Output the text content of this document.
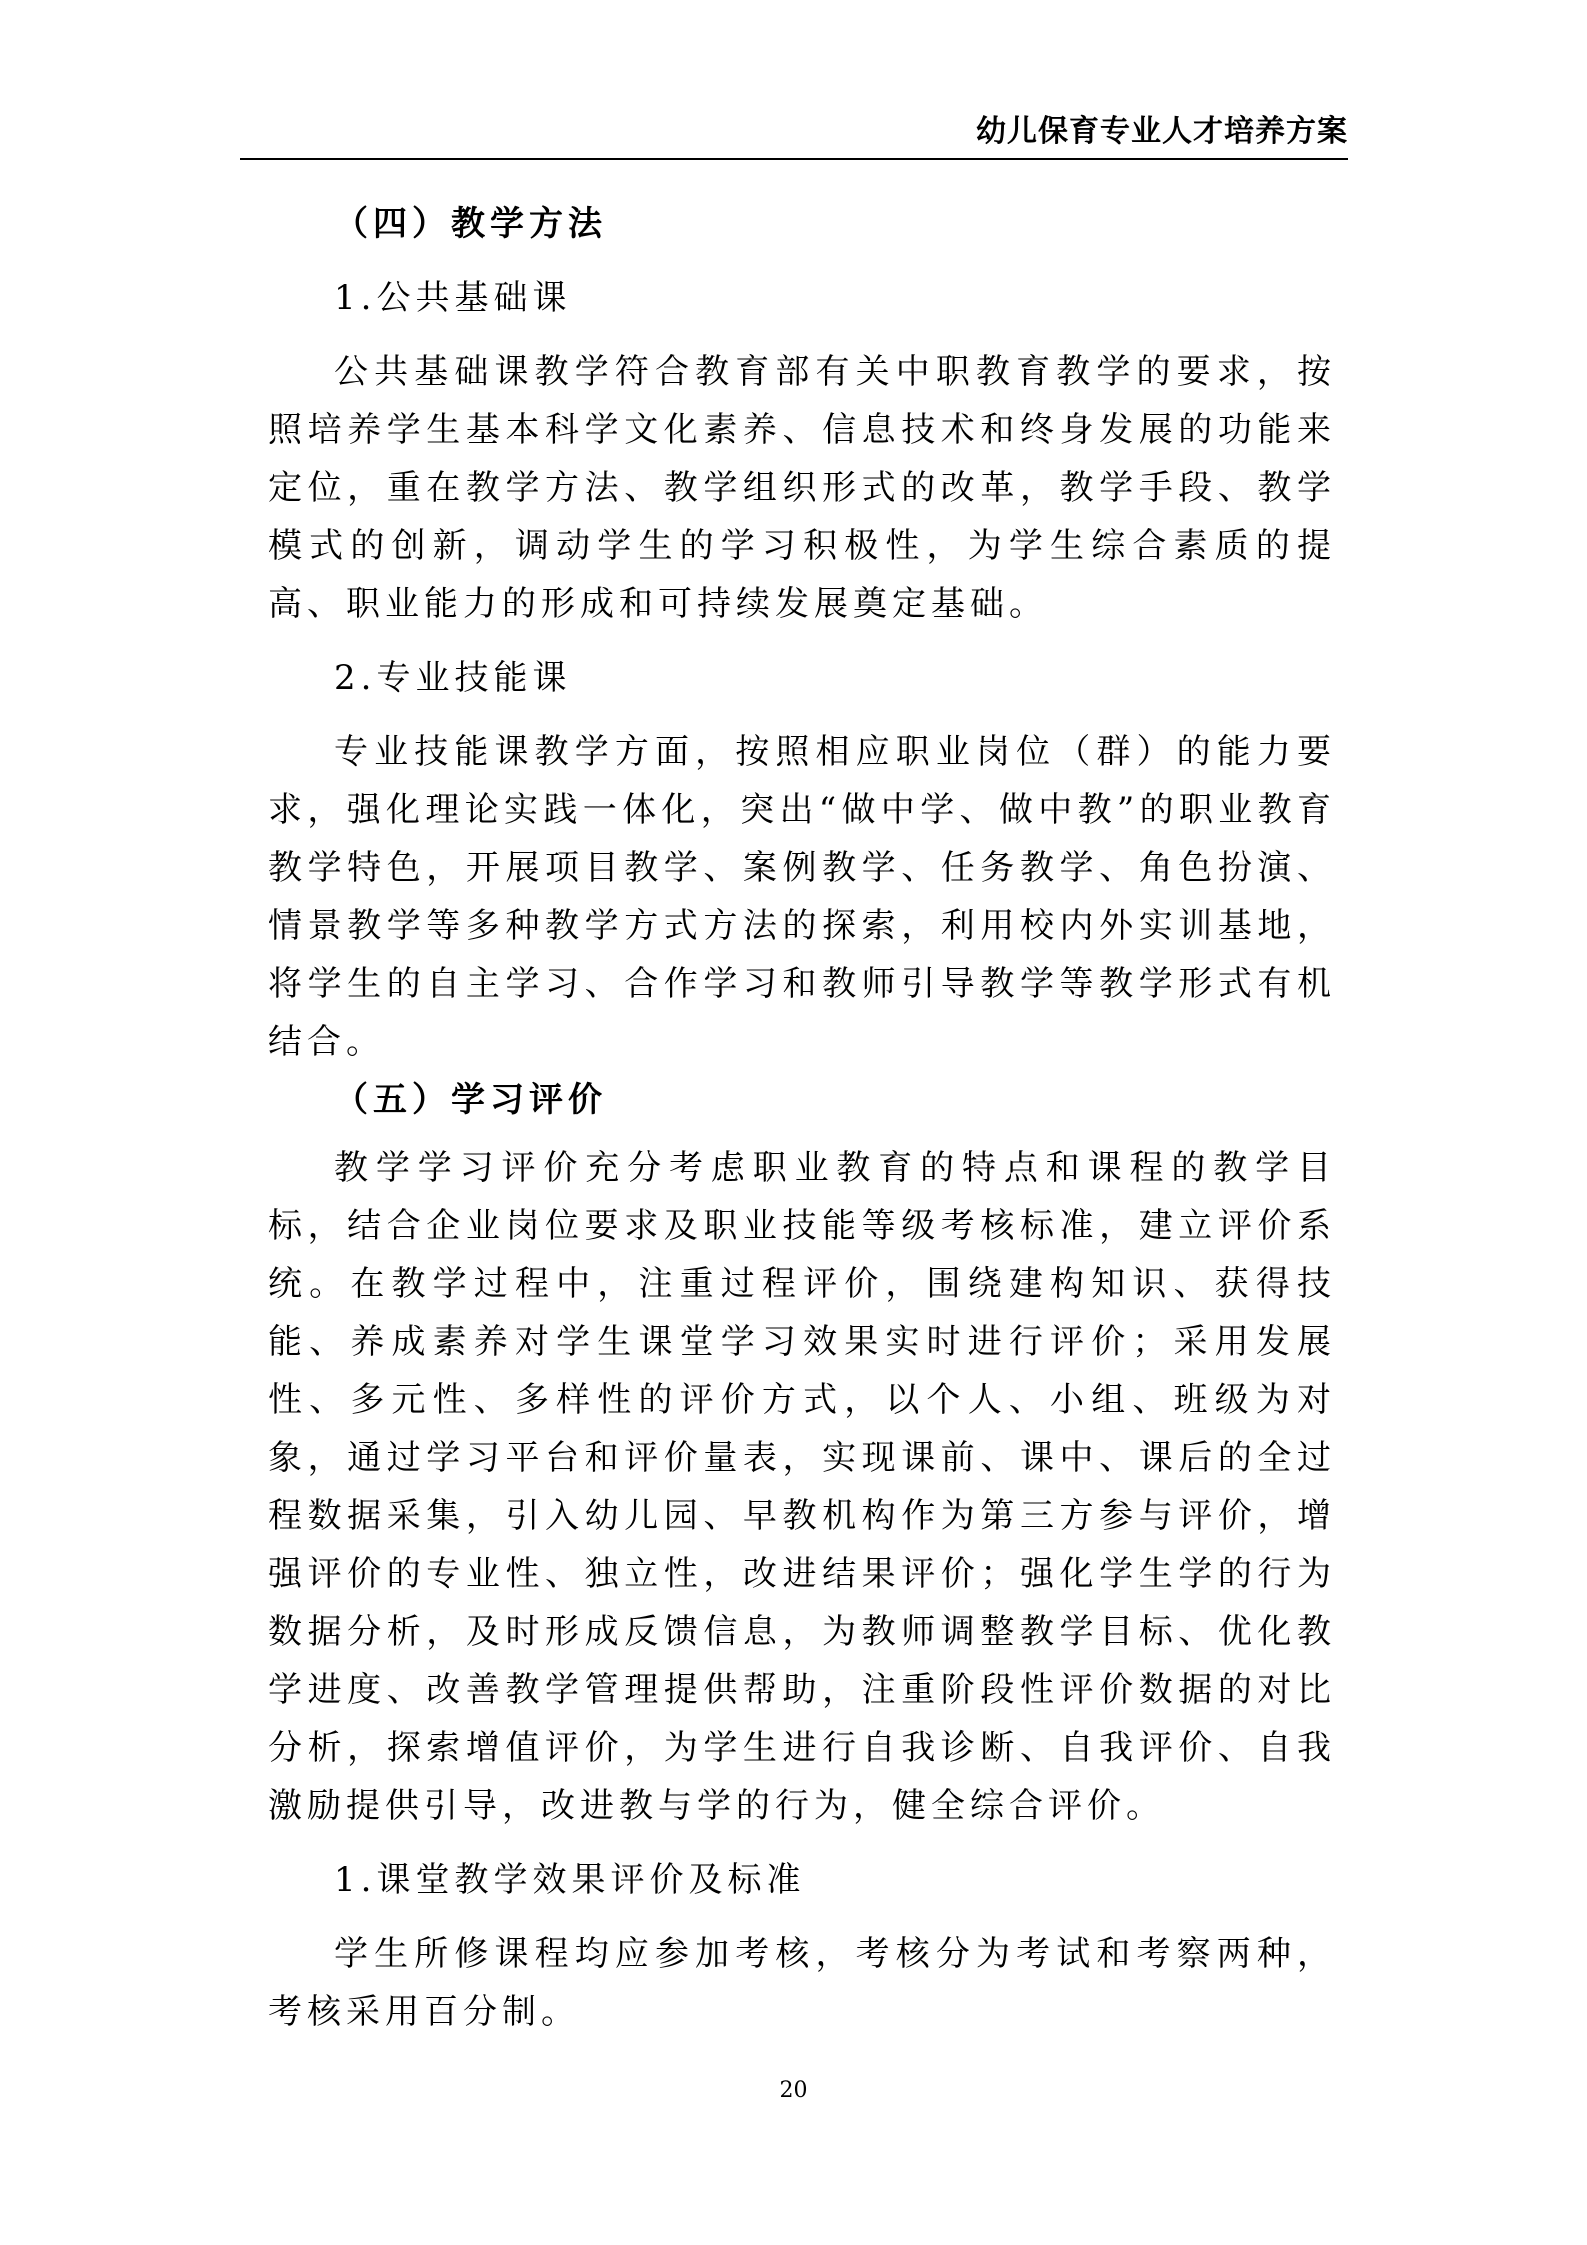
幼儿保育专业人才培养方案

（四）教学方法

1.公共基础课

公共基础课教学符合教育部有关中职教育教学的要求，按照培养学生基本科学文化素养、信息技术和终身发展的功能来定位，重在教学方法、教学组织形式的改革，教学手段、教学模式的创新，调动学生的学习积极性，为学生综合素质的提高、职业能力的形成和可持续发展奠定基础。

2.专业技能课

专业技能课教学方面，按照相应职业岗位（群）的能力要求，强化理论实践一体化，突出“做中学、做中教”的职业教育教学特色，开展项目教学、案例教学、任务教学、角色扮演、情景教学等多种教学方式方法的探索，利用校内外实训基地，将学生的自主学习、合作学习和教师引导教学等教学形式有机结合。

（五）学习评价

教学学习评价充分考虑职业教育的特点和课程的教学目标，结合企业岗位要求及职业技能等级考核标准，建立评价系统。在教学过程中，注重过程评价，围绕建构知识、获得技能、养成素养对学生课堂学习效果实时进行评价；采用发展性、多元性、多样性的评价方式，以个人、小组、班级为对象，通过学习平台和评价量表，实现课前、课中、课后的全过程数据采集，引入幼儿园、早教机构作为第三方参与评价，增强评价的专业性、独立性，改进结果评价；强化学生学的行为数据分析，及时形成反馈信息，为教师调整教学目标、优化教学进度、改善教学管理提供帮助，注重阶段性评价数据的对比分析，探索增值评价，为学生进行自我诊断、自我评价、自我激励提供引导，改进教与学的行为，健全综合评价。

1.课堂教学效果评价及标准

学生所修课程均应参加考核，考核分为考试和考察两种，考核采用百分制。

20
